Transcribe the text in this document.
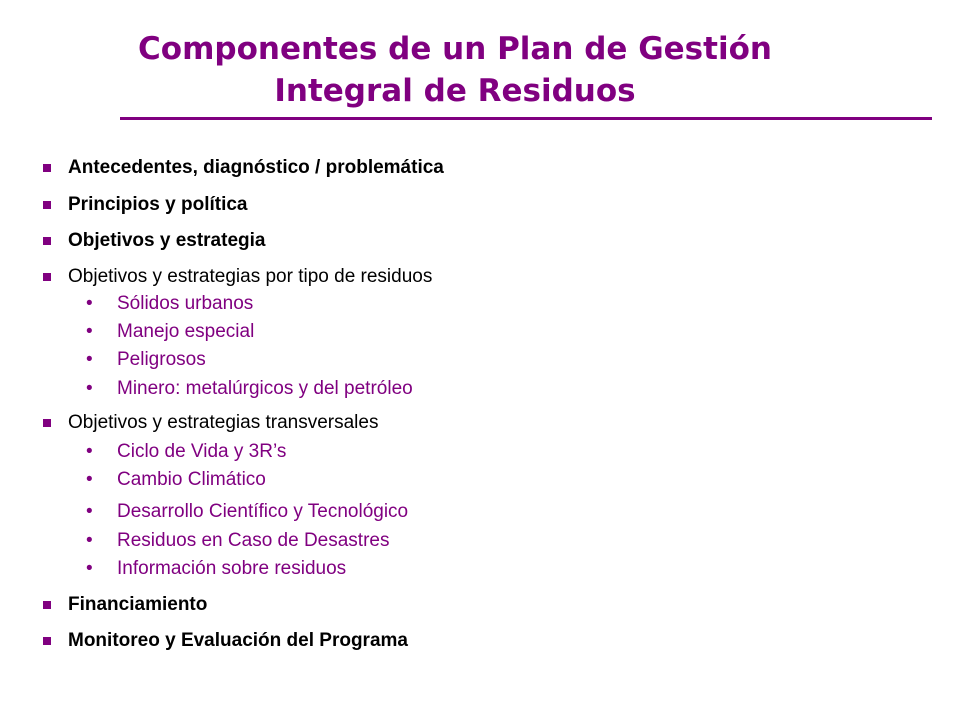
Componentes de un Plan de Gestión
Integral de Residuos
Antecedentes, diagnóstico / problemática
Principios y política
Objetivos y estrategia
Objetivos y estrategias por tipo de residuos
• Sólidos urbanos
• Manejo especial
• Peligrosos
• Minero: metalúrgicos y del petróleo
Objetivos y estrategias transversales
• Ciclo de Vida y 3R’s
• Cambio Climático
• Desarrollo Científico y Tecnológico
• Residuos en Caso de Desastres
• Información sobre residuos
Financiamiento
Monitoreo y Evaluación del Programa
